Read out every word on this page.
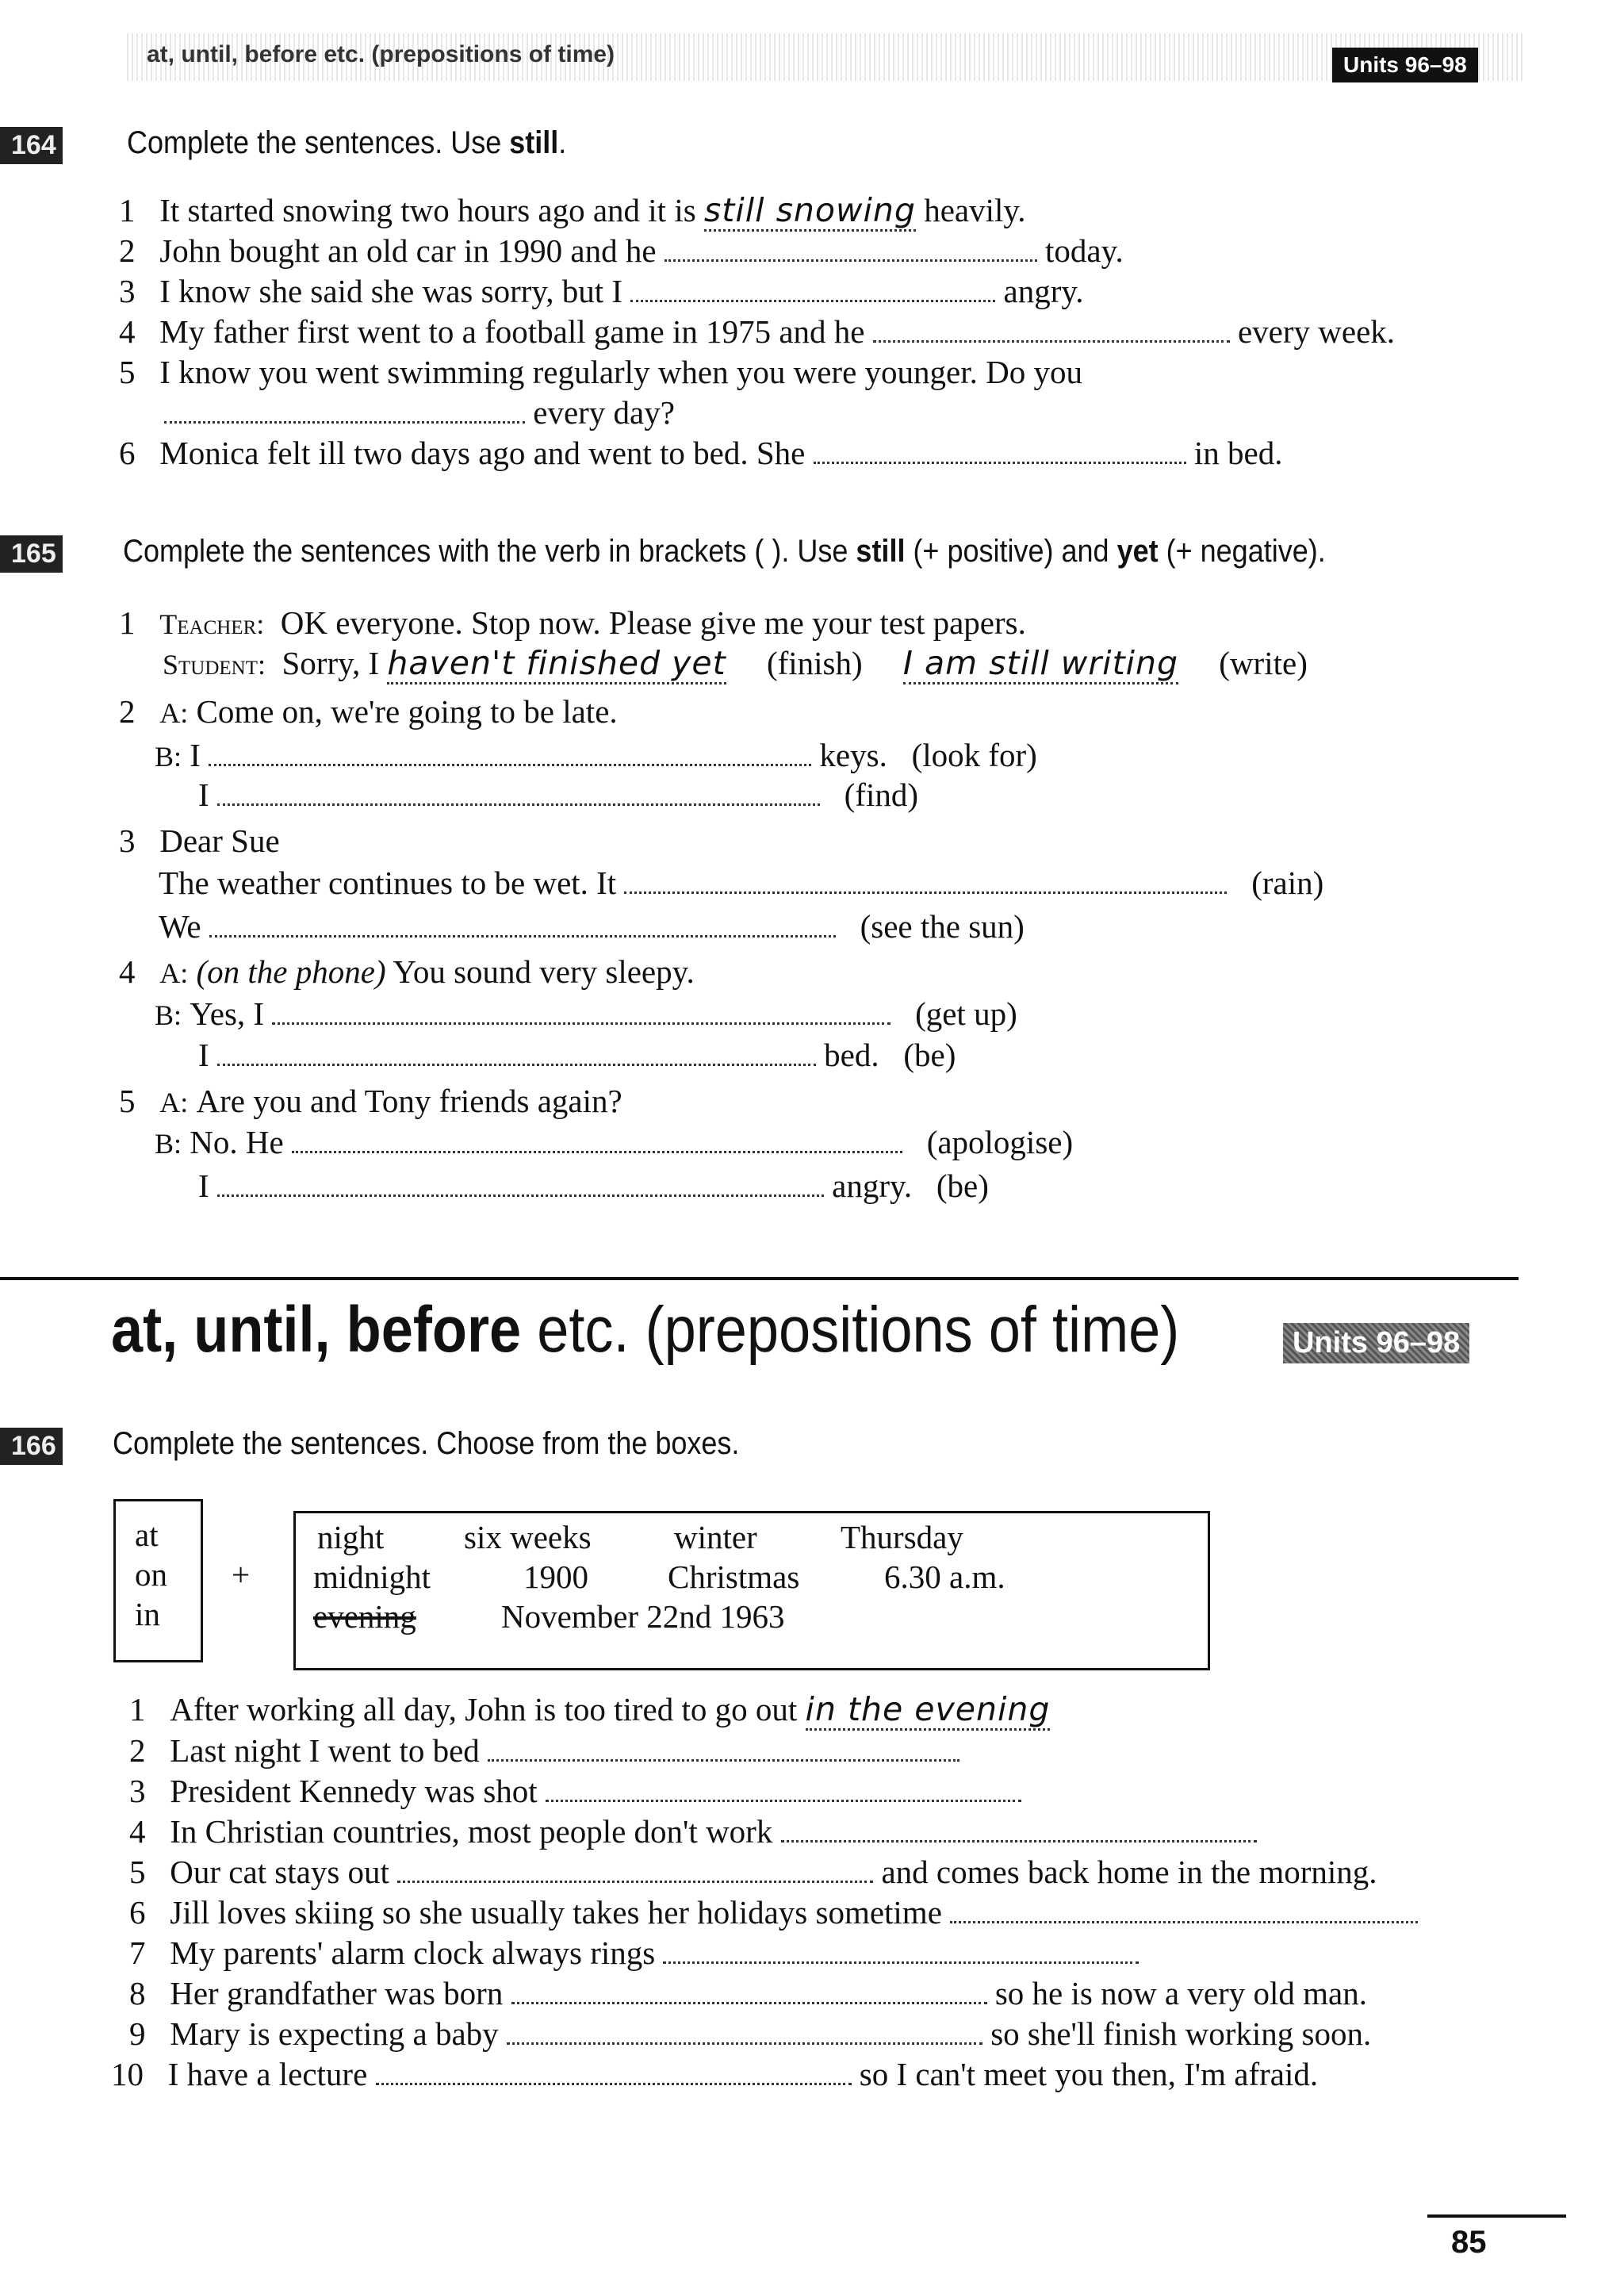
at, until, before etc. (prepositions of time)	Units 96–98
164 Complete the sentences. Use still.
1 It started snowing two hours ago and it is still snowing heavily.
2 John bought an old car in 1990 and he	today.
3 I know she said she was sorry, but I	angry.
4 My father first went to a football game in 1975 and he	every week.
5 I know you went swimming regularly when you were younger. Do you
every day?
6 Monica felt ill two days ago and went to bed. She	in bed.
165 Complete the sentences with the verb in brackets ( ). Use still (+ positive) and yet (+ negative).
1 Teacher: OK everyone. Stop now. Please give me your test papers.
Student: Sorry, I haven't finished yet (finish) I am still writing (write)
2 A: Come on, we're going to be late.
B: I	keys. (look for)
I	(find)
3 Dear Sue
The weather continues to be wet. It	(rain)
We	(see the sun)
4 A: (on the phone) You sound very sleepy.
B: Yes, I	(get up)
I	bed. (be)
5 A: Are you and Tony friends again?
B: No. He	(apologise)
I	angry. (be)
at, until, before etc. (prepositions of time)	Units 96–98
166 Complete the sentences. Choose from the boxes.
at
on
in
+
night six weeks	winter	Thursday
midnight	1900 Christmas	6.30 a.m.
evening	November 22nd 1963
1 After working all day, John is too tired to go out in the evening
2 Last night I went to bed
3 President Kennedy was shot
4 In Christian countries, most people don't work
5 Our cat stays out	and comes back home in the morning.
6 Jill loves skiing so she usually takes her holidays sometime
7 My parents' alarm clock always rings
8 Her grandfather was born	so he is now a very old man.
9 Mary is expecting a baby	so she'll finish working soon.
10 I have a lecture	so I can't meet you then, I'm afraid.
85
